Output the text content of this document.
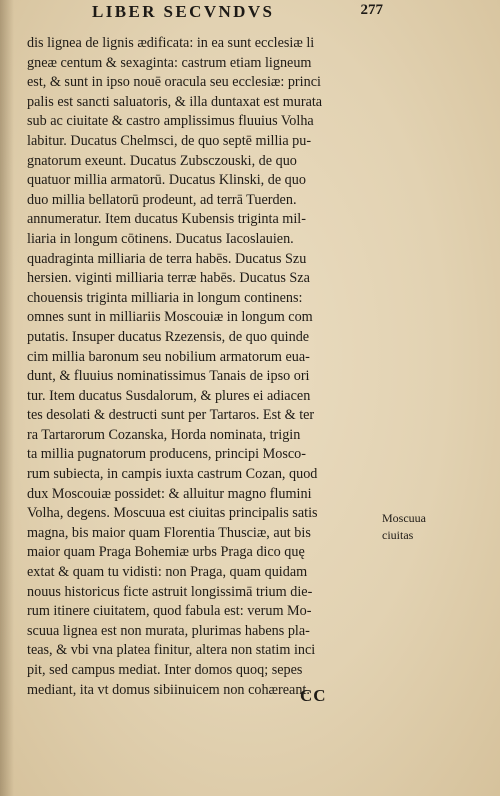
LIBER SECVNDVS	277
dis lignea de lignis ædificata: in ea sunt ecclesiæ li
gneæ centum & sexaginta: castrum etiam ligneum
est, & sunt in ipso nouē oracula seu ecclesiæ: princi
palis est sancti saluatoris, & illa duntaxat est murata
sub ac ciuitate & castro amplissimus fluuius Volha
labitur. Ducatus Chelmsci, de quo septē millia pu-
gnatorum exeunt. Ducatus Zubsczouski, de quo
quatuor millia armatorū. Ducatus Klinski, de quo
duo millia bellatorū prodeunt, ad terrā Tuerden.
annumeratur. Item ducatus Kubensis triginta mil-
liaria in longum cōtinens. Ducatus Iacoslauien.
quadraginta milliaria de terra habēs. Ducatus Szu
hersien. viginti milliaria terræ habēs. Ducatus Sza
chouensis triginta milliaria in longum continens:
omnes sunt in milliariis Moscouiæ in longum com
putatis. Insuper ducatus Rzezensis, de quo quinde
cim millia baronum seu nobilium armatorum eua-
dunt, & fluuius nominatissimus Tanais de ipso ori
tur. Item ducatus Susdalorum, & plures ei adiacen
tes desolati & destructi sunt per Tartaros. Est & ter
ra Tartarorum Cozanska, Horda nominata, trigin
ta millia pugnatorum producens, principi Mosco-
rum subiecta, in campis iuxta castrum Cozan, quod
dux Moscouiæ possidet: & alluitur magno flumini
Volha, degens. Moscuua est ciuitas principalis satis
magna, bis maior quam Florentia Thusciæ, aut bis
maior quam Praga Bohemiæ urbs Praga dico quę
extat & quam tu vidisti: non Praga, quam quidam
nouus historicus ficte astruit longissimā trium die-
rum itinere ciuitatem, quod fabula est: verum Mo-
scuua lignea est non murata, plurimas habens pla-
teas, & vbi vna platea finitur, altera non statim inci
pit, sed campus mediat. Inter domos quoq; sepes
mediant, ita vt domus sibiinuicem non cohæreant.
Moscuua
ciuitas
CC
